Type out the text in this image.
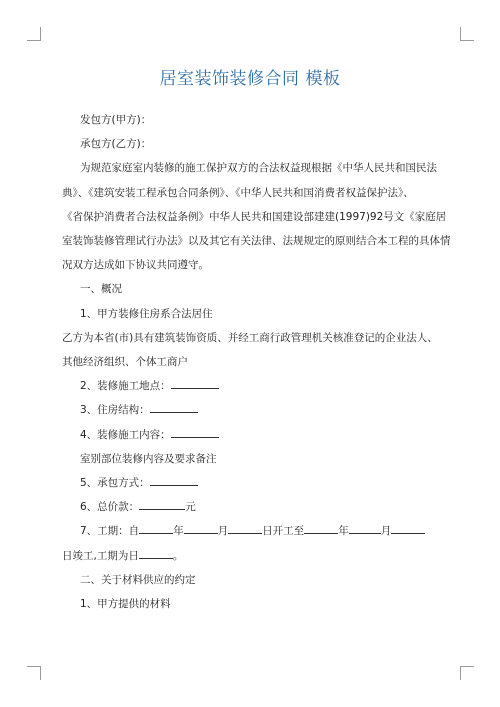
居室装饰装修合同 模板

发包方(甲方)：

承包方(乙方)：

为规范家庭室内装修的施工保护双方的合法权益现根据《中华人民共和国民法

典》、《建筑安装工程承包合同条例》、《中华人民共和国消费者权益保护法》、

《省保护消费者合法权益条例》中华人民共和国建设部建建(1997)92号文《家庭居

室装饰装修管理试行办法》以及其它有关法律、法规规定的原则结合本工程的具体情

况双方达成如下协议共同遵守。

一、概况

1、甲方装修住房系合法居住

乙方为本省(市)具有建筑装饰资质、并经工商行政管理机关核准登记的企业法人、

其他经济组织、个体工商户

2、装修施工地点：

3、住房结构：

4、装修施工内容：

室别部位装修内容及要求备注

5、承包方式：

6、总价款：	元

7、工期：自	年	月	日开工至	年	月

日竣工,工期为日	。

二、关于材料供应的约定

1、甲方提供的材料
